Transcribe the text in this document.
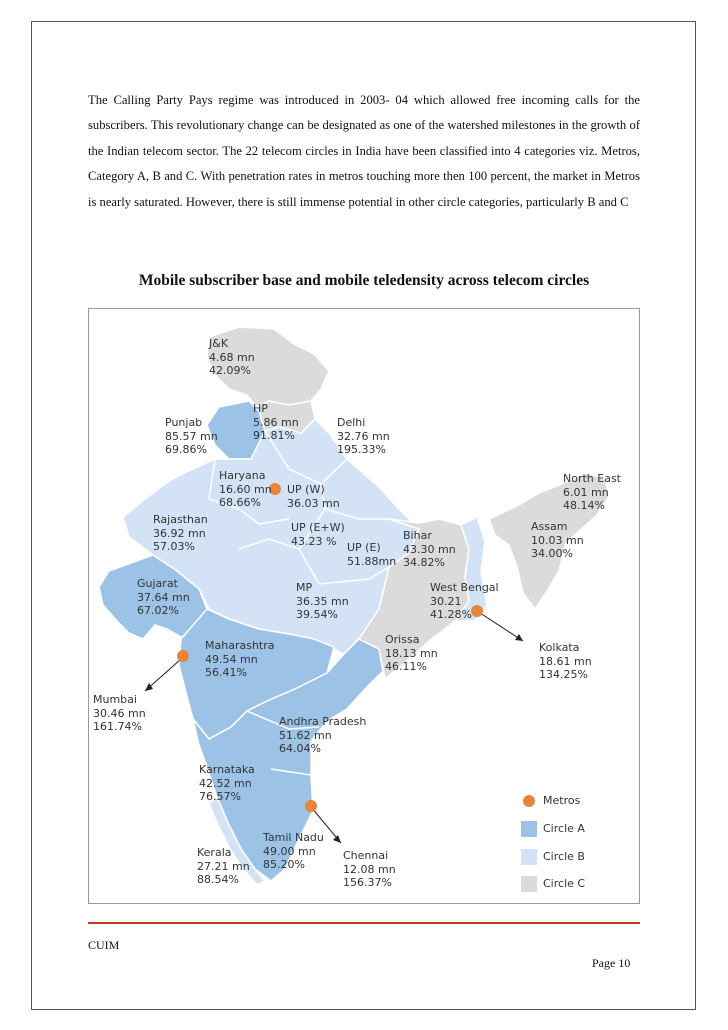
The Calling Party Pays regime was introduced in 2003- 04 which allowed free incoming calls for the subscribers. This revolutionary change can be designated as one of the watershed milestones in the growth of the Indian telecom sector. The 22 telecom circles in India have been classified into 4 categories viz. Metros, Category A, B and C. With penetration rates in metros touching more then 100 percent, the market in Metros is nearly saturated. However, there is still immense potential in other circle categories, particularly B and C

Mobile subscriber base and mobile teledensity across telecom circles
J&K
4.68 mn
42.09%
HP
5.86 mn
91.81%
Punjab
85.57 mn
69.86%
Delhi
32.76 mn
195.33%
Haryana
16.60 mn
68.66%
UP (W)
36.03 mn
UP (E+W)
43.23 % UP (E)
51.88mn
North East
6.01 mn
48.14%
Assam
10.03 mn
34.00%
Bihar
43.30 mn
34.82%
Rajasthan
36.92 mn
57.03%
Gujarat
37.64 mn
67.02%
MP
36.35 mn
39.54%
West Bengal
30.21
41.28%
Orissa
18.13 mn
46.11%
Maharashtra
49.54 mn
56.41%
Kolkata
18.61 mn
134.25%
Mumbai
30.46 mn
161.74%	Andhra Pradesh
51.62 mn
64.04%
Karnataka
42.52 mn
76.57%
Tamil Nadu
49.00 mn
85.20%
Kerala
27.21 mn
88.54%
Chennai
12.08 mn
156.37%
Metros
Circle A
Circle B
Circle C
CUIM
Page 10
